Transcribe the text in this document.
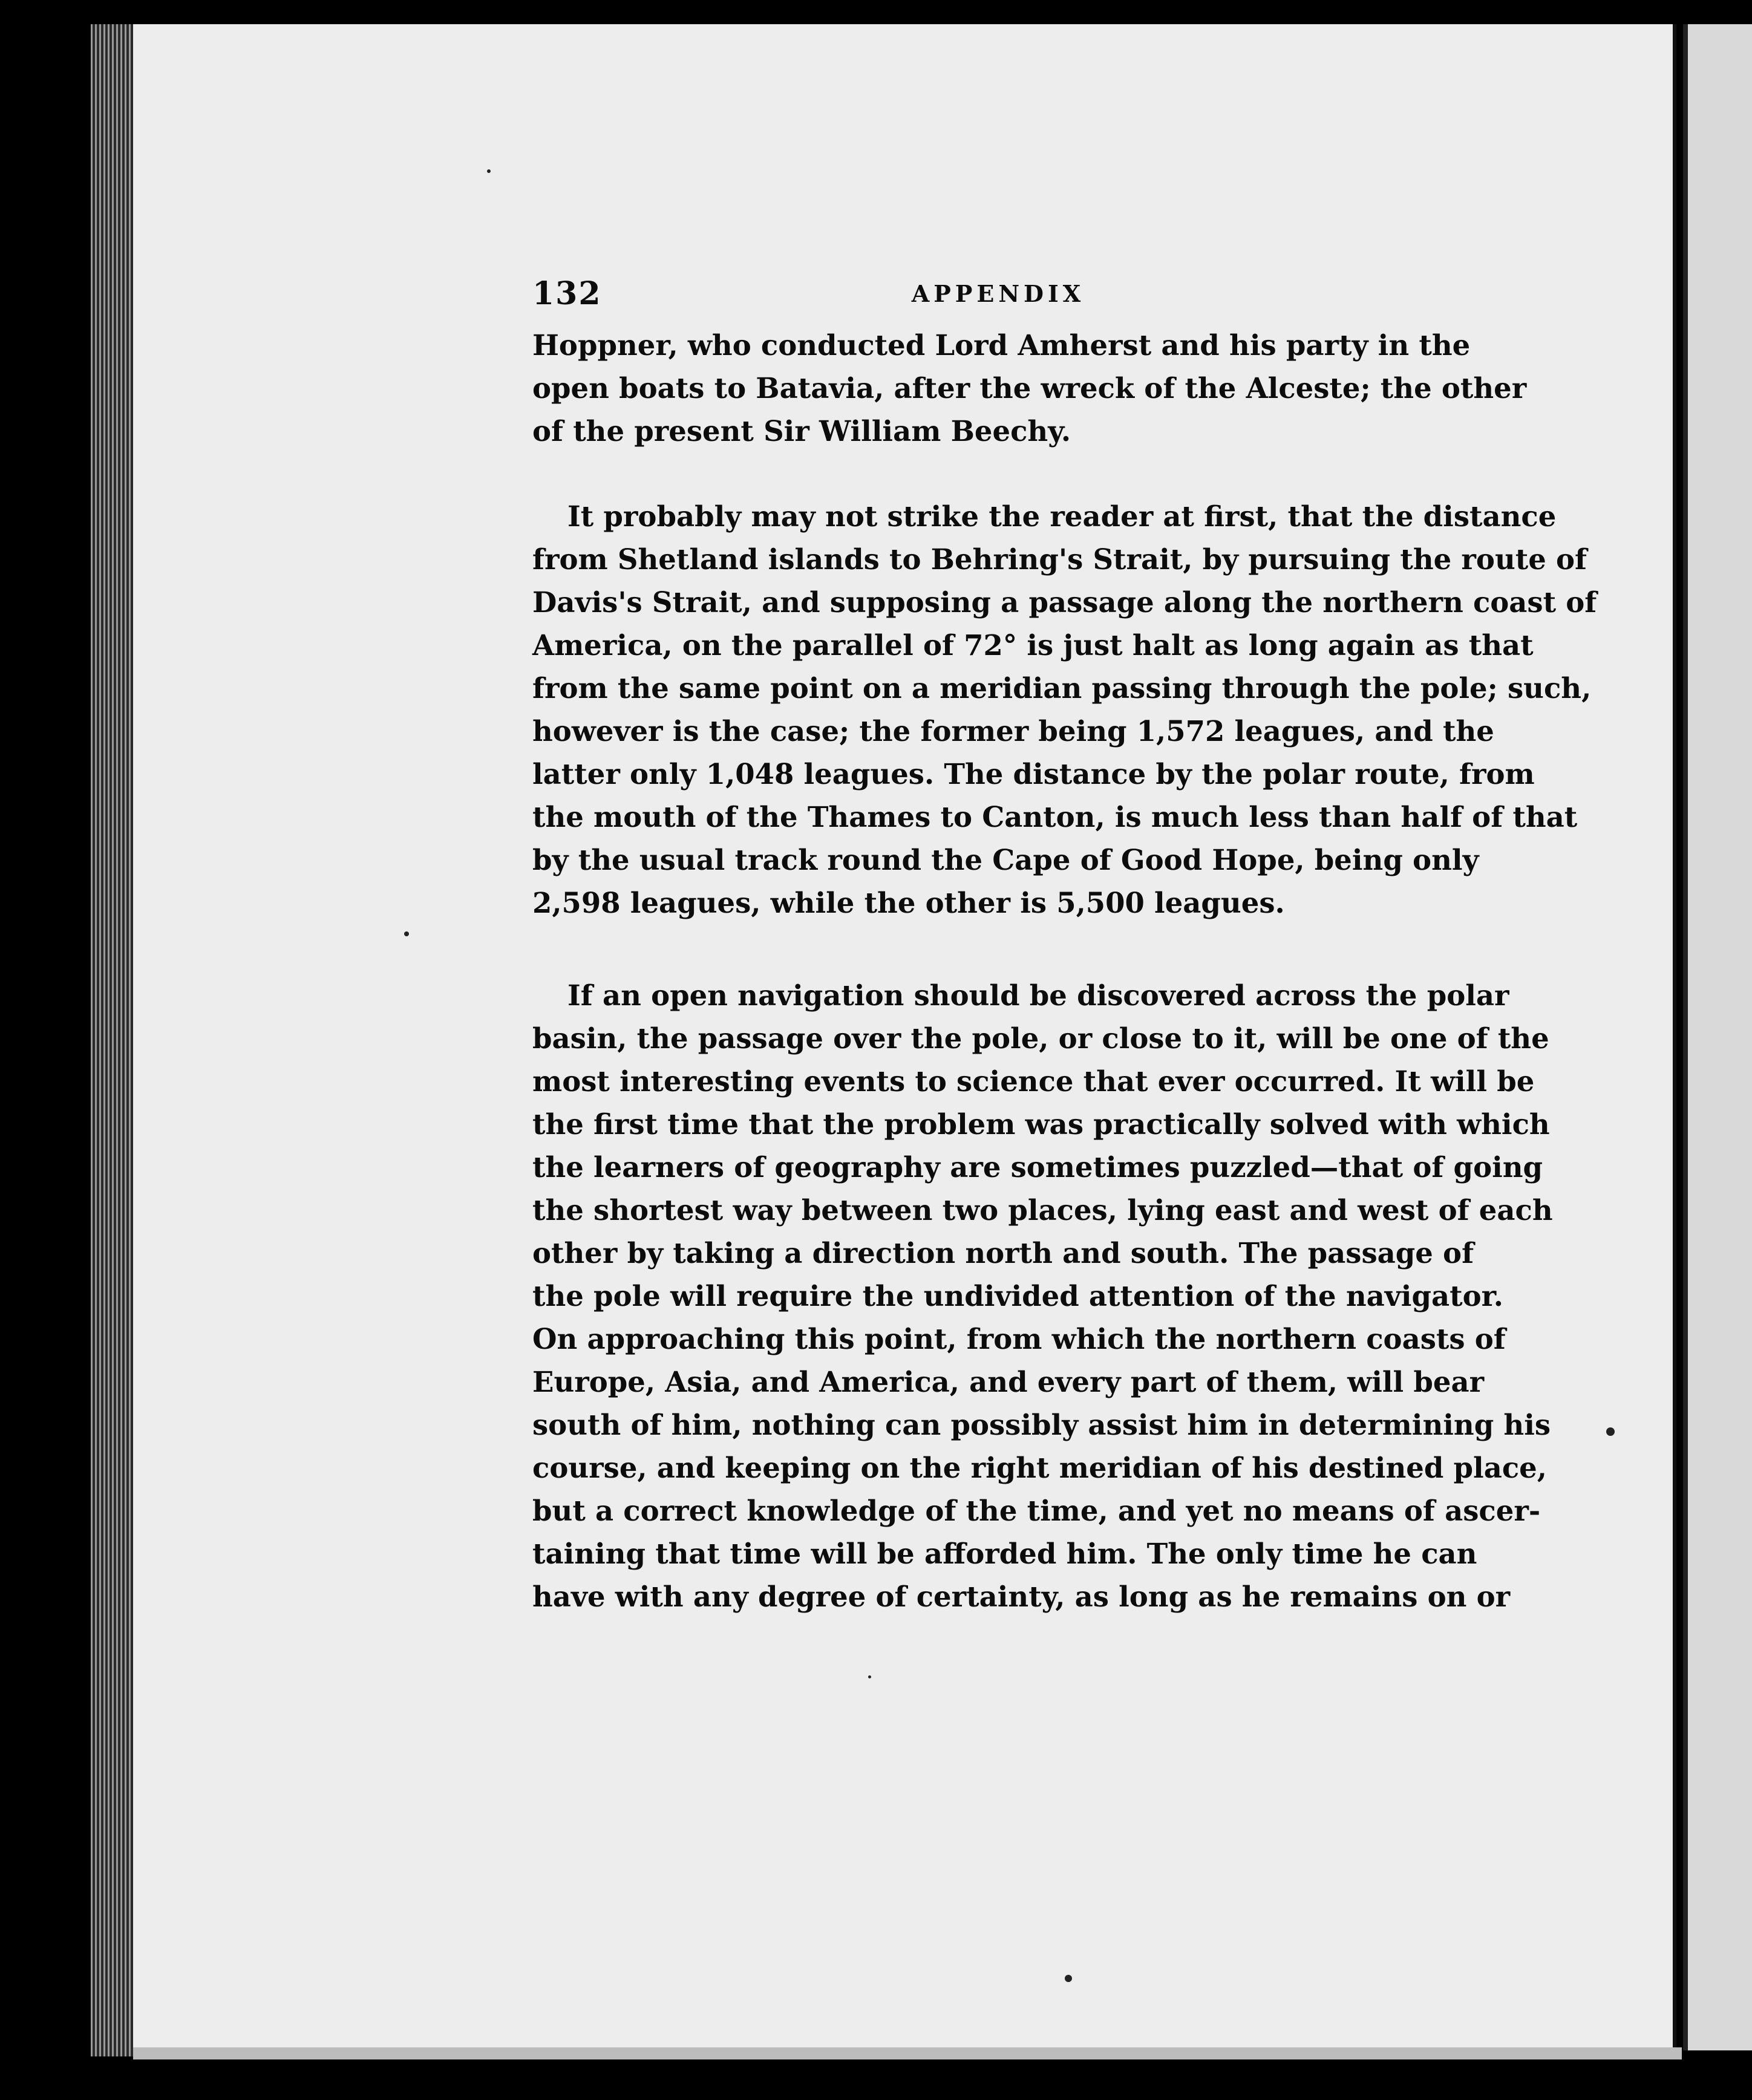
132	APPENDIX
Hoppner, who conducted Lord Amherst and his party in the
open boats to Batavia, after the wreck of the Alceste; the other
of the present Sir William Beechy.
It probably may not strike the reader at first, that the distance
from Shetland islands to Behring's Strait, by pursuing the route of
Davis's Strait, and supposing a passage along the northern coast of
America, on the parallel of 72° is just halt as long again as that
from the same point on a meridian passing through the pole; such,
however is the case; the former being 1,572 leagues, and the
latter only 1,048 leagues. The distance by the polar route, from
the mouth of the Thames to Canton, is much less than half of that
by the usual track round the Cape of Good Hope, being only
2,598 leagues, while the other is 5,500 leagues.
If an open navigation should be discovered across the polar
basin, the passage over the pole, or close to it, will be one of the
most interesting events to science that ever occurred. It will be
the first time that the problem was practically solved with which
the learners of geography are sometimes puzzled—that of going
the shortest way between two places, lying east and west of each
other by taking a direction north and south. The passage of
the pole will require the undivided attention of the navigator.
On approaching this point, from which the northern coasts of
Europe, Asia, and America, and every part of them, will bear
south of him, nothing can possibly assist him in determining his
course, and keeping on the right meridian of his destined place,
but a correct knowledge of the time, and yet no means of ascer-
taining that time will be afforded him. The only time he can
have with any degree of certainty, as long as he remains on or
